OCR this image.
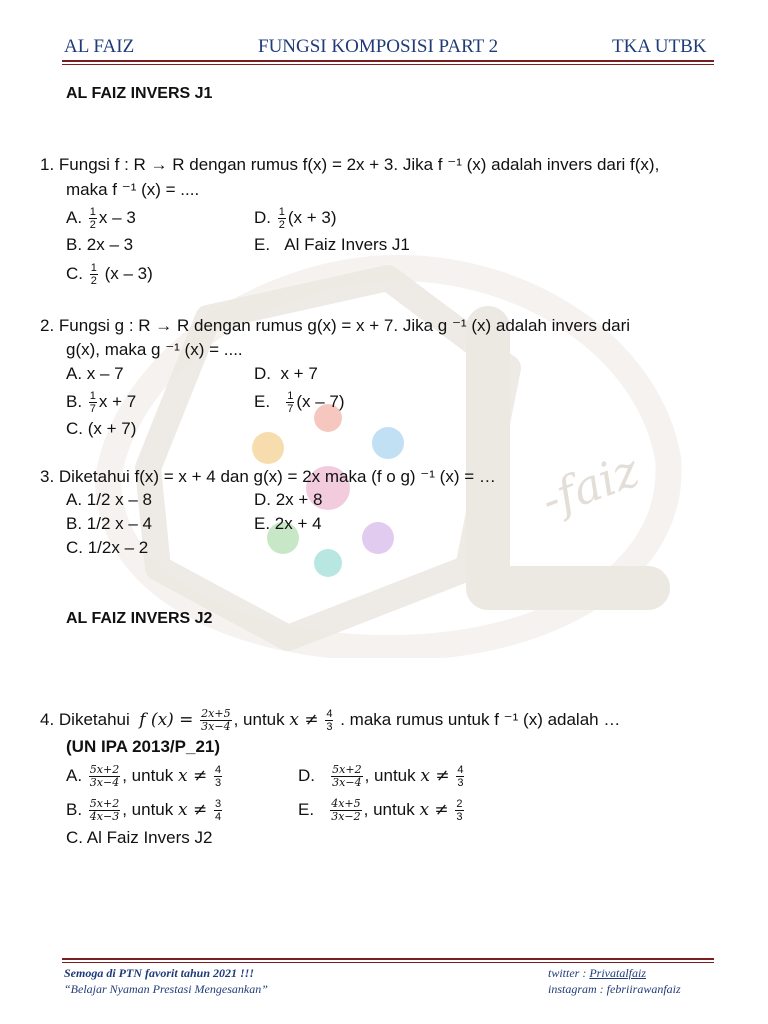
-faiz
AL FAIZ	FUNGSI KOMPOSISI PART 2	TKA UTBK
AL FAIZ INVERS J1
1. Fungsi f : R → R dengan rumus f(x) = 2x + 3. Jika f ⁻¹ (x) adalah invers dari f(x),
maka f ⁻¹ (x) = ....
A. $\frac{1}{2}$ x – 3	D. $\frac{1}{2} (x + 3)$
B. 2x – 3	E. Al Faiz Invers J1
C. $\frac{1}{2} (x - 3)$
2. Fungsi g : R → R dengan rumus g(x) = x + 7. Jika g ⁻¹ (x) adalah invers dari
g(x), maka g ⁻¹ (x) = ....
A. x – 7	D. x + 7
B. $\frac{1}{7}$ x + 7	E. $\frac{1}{7} (x - 7)$
C. (x + 7)
3. Diketahui f(x) = x + 4 dan g(x) = 2x maka (f o g) ⁻¹ (x) = …
A. 1/2 x – 8	D. 2x + 8
B. 1/2 x – 4	E. 2x + 4
C. 1/2x – 2
AL FAIZ INVERS J2
4. Diketahui f $(x) = \frac{2x+5}{3x-4}$ , untuk $x \ne \frac{4}{3}$ . maka rumus untuk f ⁻¹ (x) adalah …
(UN IPA 2013/P_21)
A. $\frac{5x+2}{3x-4}$ , untuk $x \ne \frac{4}{3}$	D. $\frac{5x+2}{3x-4}$ , untuk $x \ne \frac{4}{3}$
B. $\frac{5x+2}{4x-3}$ , untuk $x \ne \frac{3}{4}$	E. $\frac{4x+5}{3x-2}$ , untuk $x \ne \frac{2}{3}$
C. Al Faiz Invers J2
Semoga di PTN favorit tahun 2021 !!!
“Belajar Nyaman Prestasi Mengesankan”
twitter : Privatalfaiz
instagram : febriirawanfaiz
